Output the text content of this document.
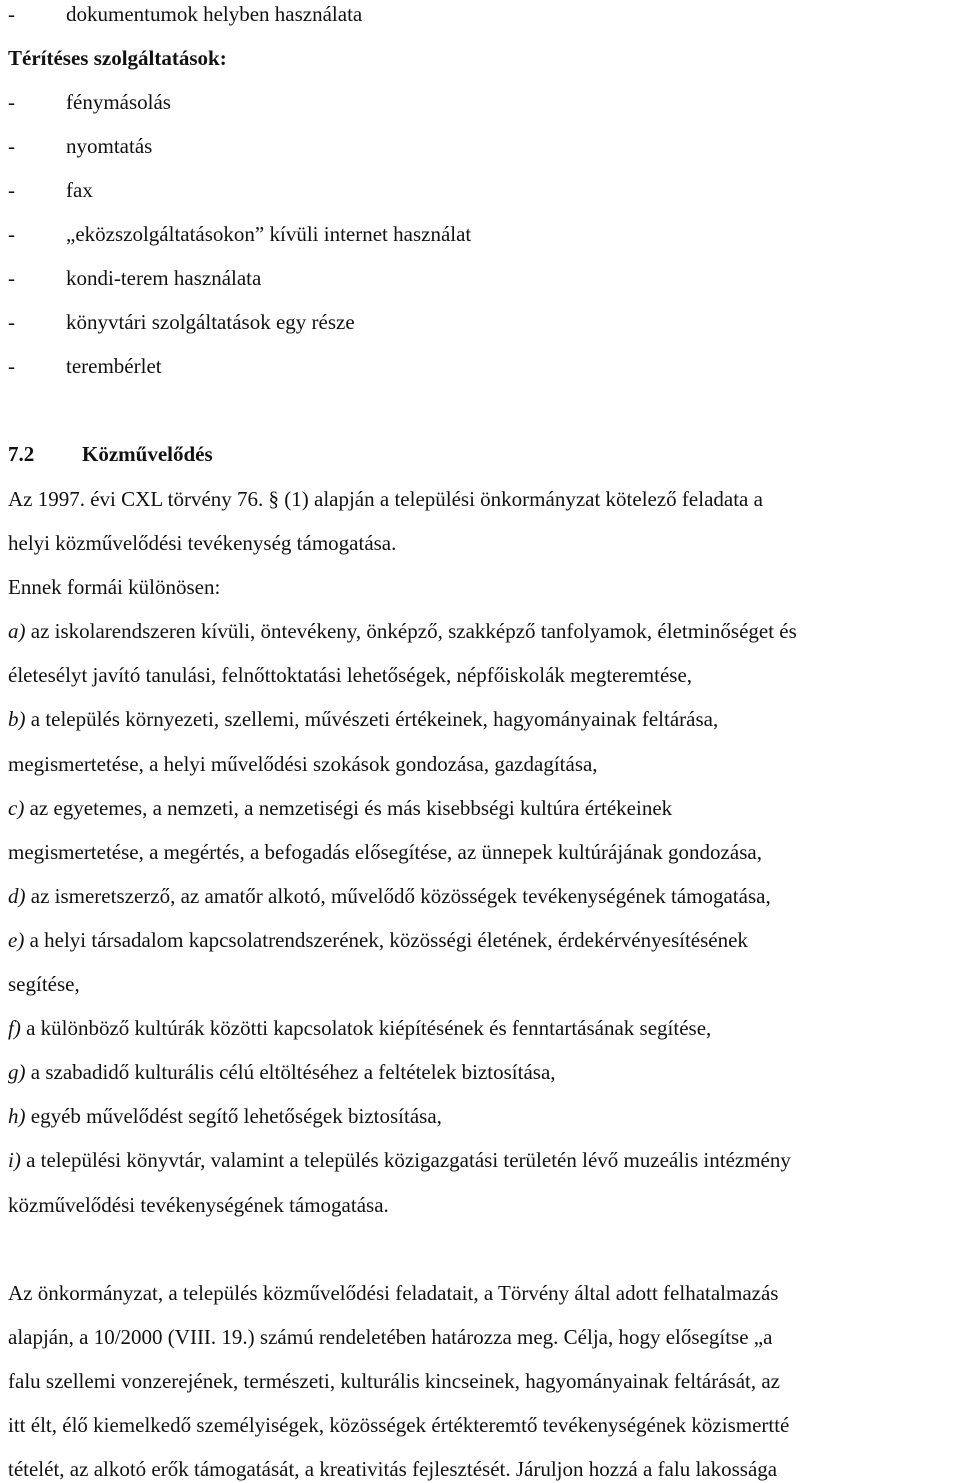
- dokumentumok helyben használata
Térítéses szolgáltatások:
- fénymásolás
- nyomtatás
- fax
- „eközszolgáltatásokon” kívüli internet használat
- kondi-terem használata
- könyvtári szolgáltatások egy része
- terembérlet
7.2 Közművelődés
Az 1997. évi CXL törvény 76. § (1) alapján a települési önkormányzat kötelező feladata a
helyi közművelődési tevékenység támogatása.
Ennek formái különösen:
a) az iskolarendszeren kívüli, öntevékeny, önképző, szakképző tanfolyamok, életminőséget és
életesélyt javító tanulási, felnőttoktatási lehetőségek, népfőiskolák megteremtése,
b) a település környezeti, szellemi, művészeti értékeinek, hagyományainak feltárása,
megismertetése, a helyi művelődési szokások gondozása, gazdagítása,
c) az egyetemes, a nemzeti, a nemzetiségi és más kisebbségi kultúra értékeinek
megismertetése, a megértés, a befogadás elősegítése, az ünnepek kultúrájának gondozása,
d) az ismeretszerző, az amatőr alkotó, művelődő közösségek tevékenységének támogatása,
e) a helyi társadalom kapcsolatrendszerének, közösségi életének, érdekérvényesítésének
segítése,
f) a különböző kultúrák közötti kapcsolatok kiépítésének és fenntartásának segítése,
g) a szabadidő kulturális célú eltöltéséhez a feltételek biztosítása,
h) egyéb művelődést segítő lehetőségek biztosítása,
i) a települési könyvtár, valamint a település közigazgatási területén lévő muzeális intézmény
közművelődési tevékenységének támogatása.
Az önkormányzat, a település közművelődési feladatait, a Törvény által adott felhatalmazás
alapján, a 10/2000 (VIII. 19.) számú rendeletében határozza meg. Célja, hogy elősegítse „a
falu szellemi vonzerejének, természeti, kulturális kincseinek, hagyományainak feltárását, az
itt élt, élő kiemelkedő személyiségek, közösségek értékteremtő tevékenységének közismertté
tételét, az alkotó erők támogatását, a kreativitás fejlesztését. Járuljon hozzá a falu lakossága
